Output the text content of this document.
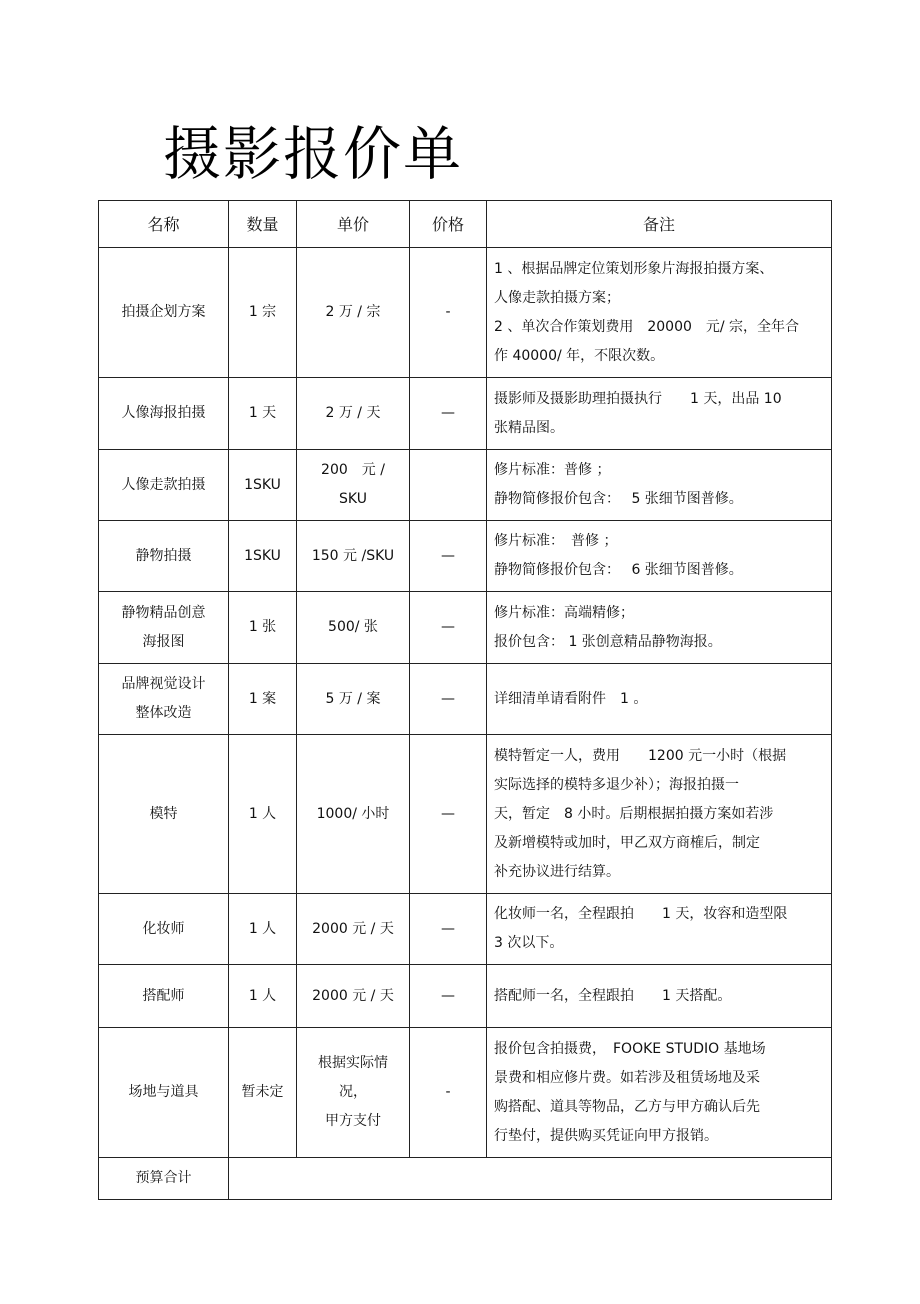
摄影报价单
名称	数量	单价	价格	备注

拍摄企划方案	1 宗	2 万 / 宗	-	1 、根据品牌定位策划形象片海报拍摄方案、
人像走款拍摄方案；
2 、单次合作策划费用　20000　元/ 宗，全年合
作 40000/ 年，不限次数。

人像海报拍摄	1 天	2 万 / 天	—	摄影师及摄影助理拍摄执行　　1 天，出品 10
张精品图。

人像走款拍摄	1SKU	200　元 /
SKU		修片标准：普修 ；
静物简修报价包含：　 5 张细节图普修。

静物拍摄	1SKU	150 元 /SKU	—	修片标准：　普修 ；
静物简修报价包含：　 6 张细节图普修。

静物精品创意
海报图	1 张	500/ 张	—	修片标准：高端精修；
报价包含： 1 张创意精品静物海报。

品牌视觉设计
整体改造	1 案	5 万 / 案	—	详细清单请看附件　1 。

模特	1 人	1000/ 小时	—	模特暂定一人，费用　　1200 元一小时（根据
实际选择的模特多退少补）；海报拍摄一
天，暂定　8 小时。后期根据拍摄方案如若涉
及新增模特或加时，甲乙双方商榷后，制定
补充协议进行结算。

化妆师	1 人	2000 元 / 天	—	化妆师一名，全程跟拍　　1 天，妆容和造型限
3 次以下。

搭配师	1 人	2000 元 / 天	—	搭配师一名，全程跟拍　　1 天搭配。

场地与道具	暂未定	根据实际情
况，
甲方支付	-	报价包含拍摄费，　FOOKE STUDIO 基地场
景费和相应修片费。如若涉及租赁场地及采
购搭配、道具等物品，乙方与甲方确认后先
行垫付，提供购买凭证向甲方报销。

预算合计				
